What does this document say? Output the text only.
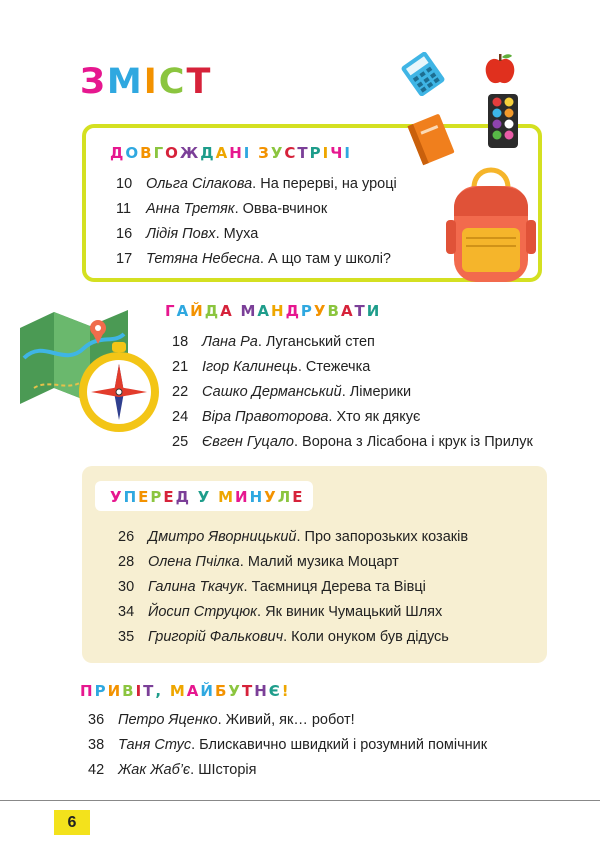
ЗМІСТ
ДОВГОЖДАНІ ЗУСТРІЧІ
УПЕРЕД У МИНУЛЕ
ГАЙДА МАНДРУВАТИ
ПРИВІТ, МАЙБУТНЄ!
10 Ольга Сілакова. На перерві, на уроці
11 Анна Третяк. Овва-вчинок
16 Лідія Повх. Муха
17 Тетяна Небесна. А що там у школі?
18 Лана Ра. Луганський степ
21 Ігор Калинець. Стежечка
22 Сашко Дерманський. Лімерики
24 Віра Правоторова. Хто як дякує
25 Євген Гуцало. Ворона з Лісабона і крук із Прилук
26 Дмитро Яворницький. Про запорозьких козаків
28 Олена Пчілка. Малий музика Моцарт
30 Галина Ткачук. Таємниця Дерева та Вівці
34 Йосип Струцюк. Як виник Чумацький Шлях
35 Григорій Фалькович. Коли онуком був дідусь
36 Петро Яценко. Живий, як… робот!
38 Таня Стус. Блискавично швидкий і розумний помічник
42 Жак Жаб’є. ШІсторія
6
